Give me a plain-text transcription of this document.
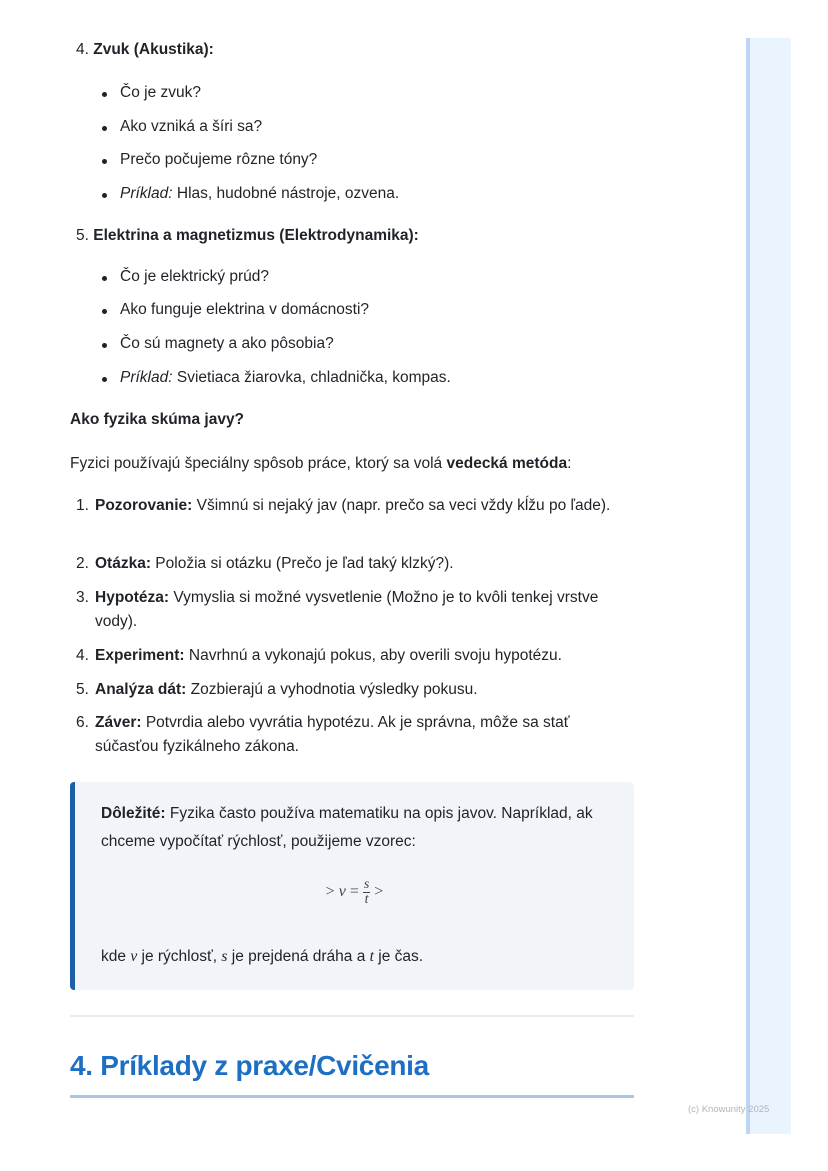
4. Zvuk (Akustika):
Čo je zvuk?
Ako vzniká a šíri sa?
Prečo počujeme rôzne tóny?
Príklad: Hlas, hudobné nástroje, ozvena.
5. Elektrina a magnetizmus (Elektrodynamika):
Čo je elektrický prúd?
Ako funguje elektrina v domácnosti?
Čo sú magnety a ako pôsobia?
Príklad: Svietiaca žiarovka, chladnička, kompas.
Ako fyzika skúma javy?
Fyzici používajú špeciálny spôsob práce, ktorý sa volá vedecká metóda:
1. Pozorovanie: Všimnú si nejaký jav (napr. prečo sa veci vždy kĺžu po ľade).
2. Otázka: Položia si otázku (Prečo je ľad taký klzký?).
3. Hypotéza: Vymyslia si možné vysvetlenie (Možno je to kvôli tenkej vrstve vody).
4. Experiment: Navrhnú a vykonajú pokus, aby overili svoju hypotézu.
5. Analýza dát: Zozbierajú a vyhodnotia výsledky pokusu.
6. Záver: Potvrdia alebo vyvrátia hypotézu. Ak je správna, môže sa stať súčasťou fyzikálneho zákona.
Dôležité: Fyzika často používa matematiku na opis javov. Napríklad, ak chceme vypočítať rýchlosť, použijeme vzorec:
> $v = \frac{s}{t}$ >
kde v je rýchlosť, s je prejdená dráha a t je čas.
4. Príklady z praxe/Cvičenia
(c) Knowunity 2025
